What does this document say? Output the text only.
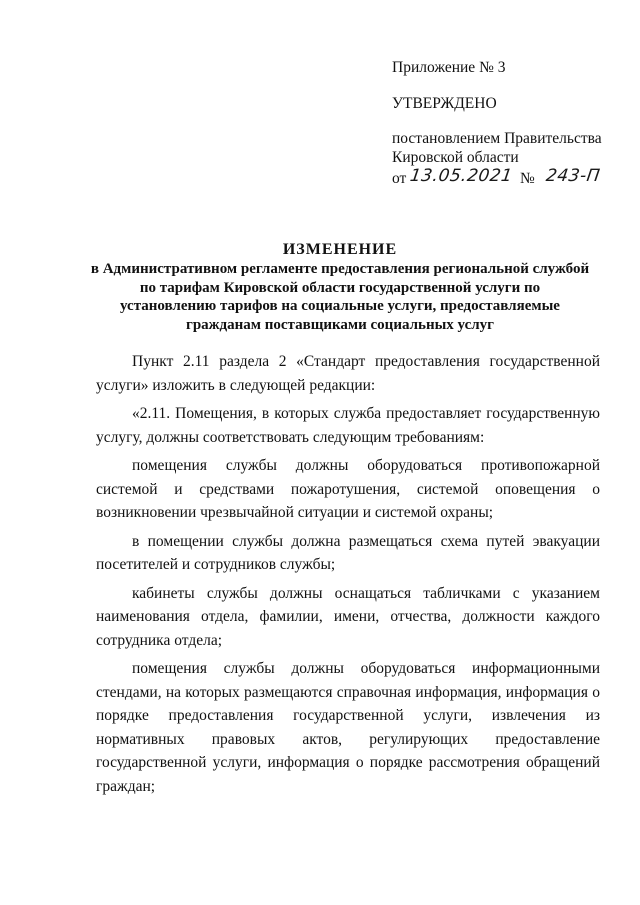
Приложение № 3
УТВЕРЖДЕНО
постановлением Правительства
Кировской области
от 13.05.2021 № 243-П
ИЗМЕНЕНИЕ
в Административном регламенте предоставления региональной службой
по тарифам Кировской области государственной услуги по
установлению тарифов на социальные услуги, предоставляемые
гражданам поставщиками социальных услуг

Пункт 2.11 раздела 2 «Стандарт предоставления государственной услуги» изложить в следующей редакции:

«2.11. Помещения, в которых служба предоставляет государственную услугу, должны соответствовать следующим требованиям:

помещения службы должны оборудоваться противопожарной системой и средствами пожаротушения, системой оповещения о возникновении чрезвычайной ситуации и системой охраны;

в помещении службы должна размещаться схема путей эвакуации посетителей и сотрудников службы;

кабинеты службы должны оснащаться табличками с указанием наименования отдела, фамилии, имени, отчества, должности каждого сотрудника отдела;

помещения службы должны оборудоваться информационными стендами, на которых размещаются справочная информация, информация о порядке предоставления государственной услуги, извлечения из нормативных правовых актов, регулирующих предоставление государственной услуги, информация о порядке рассмотрения обращений граждан;
